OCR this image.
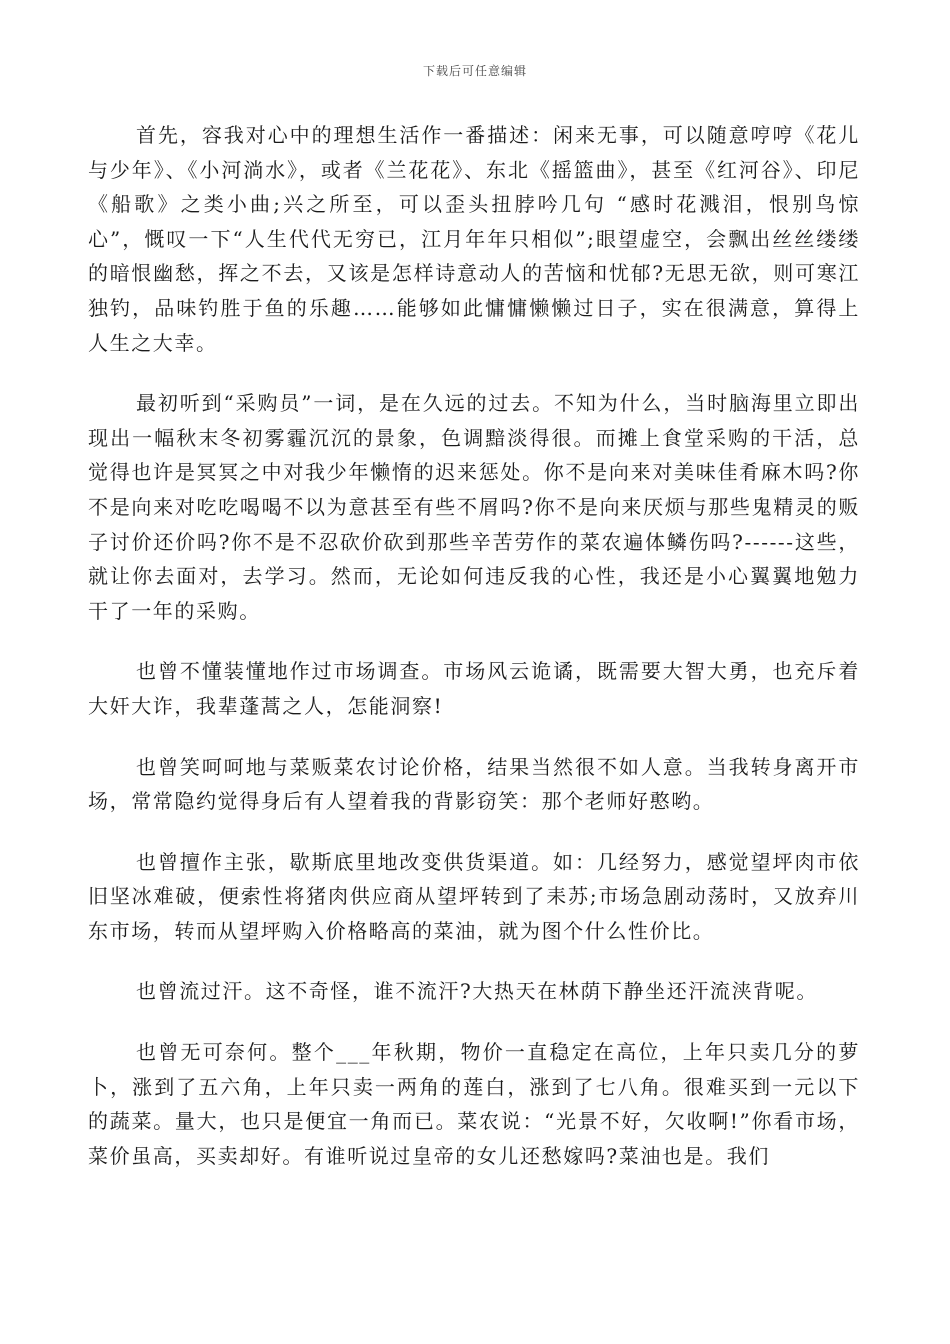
下载后可任意编辑

首先，容我对心中的理想生活作一番描述：闲来无事，可以随意哼哼《花儿与少年》、《小河淌水》，或者《兰花花》、东北《摇篮曲》，甚至《红河谷》、印尼《船歌》之类小曲;兴之所至，可以歪头扭脖吟几句 “感时花溅泪，恨别鸟惊心”，慨叹一下“人生代代无穷已，江月年年只相似”;眼望虚空，会飘出丝丝缕缕的暗恨幽愁，挥之不去，又该是怎样诗意动人的苦恼和忧郁?无思无欲，则可寒江独钓，品味钓胜于鱼的乐趣……能够如此慵慵懒懒过日子，实在很满意，算得上人生之大幸。

最初听到“采购员”一词，是在久远的过去。不知为什么，当时脑海里立即出现出一幅秋末冬初雾霾沉沉的景象，色调黯淡得很。而摊上食堂采购的干活，总觉得也许是冥冥之中对我少年懒惰的迟来惩处。你不是向来对美味佳肴麻木吗?你不是向来对吃吃喝喝不以为意甚至有些不屑吗?你不是向来厌烦与那些鬼精灵的贩子讨价还价吗?你不是不忍砍价砍到那些辛苦劳作的菜农遍体鳞伤吗?------这些，就让你去面对，去学习。然而，无论如何违反我的心性，我还是小心翼翼地勉力干了一年的采购。

也曾不懂装懂地作过市场调查。市场风云诡谲，既需要大智大勇，也充斥着大奸大诈，我辈蓬蒿之人，怎能洞察!

也曾笑呵呵地与菜贩菜农讨论价格，结果当然很不如人意。当我转身离开市场，常常隐约觉得身后有人望着我的背影窃笑：那个老师好憨哟。

也曾擅作主张，歇斯底里地改变供货渠道。如：几经努力，感觉望坪肉市依旧坚冰难破，便索性将猪肉供应商从望坪转到了耒苏;市场急剧动荡时，又放弃川东市场，转而从望坪购入价格略高的菜油，就为图个什么性价比。

也曾流过汗。这不奇怪，谁不流汗?大热天在林荫下静坐还汗流浃背呢。

也曾无可奈何。整个___年秋期，物价一直稳定在高位，上年只卖几分的萝卜，涨到了五六角，上年只卖一两角的莲白，涨到了七八角。很难买到一元以下的蔬菜。量大，也只是便宜一角而已。菜农说：“光景不好，欠收啊!”你看市场，菜价虽高，买卖却好。有谁听说过皇帝的女儿还愁嫁吗?菜油也是。我们
